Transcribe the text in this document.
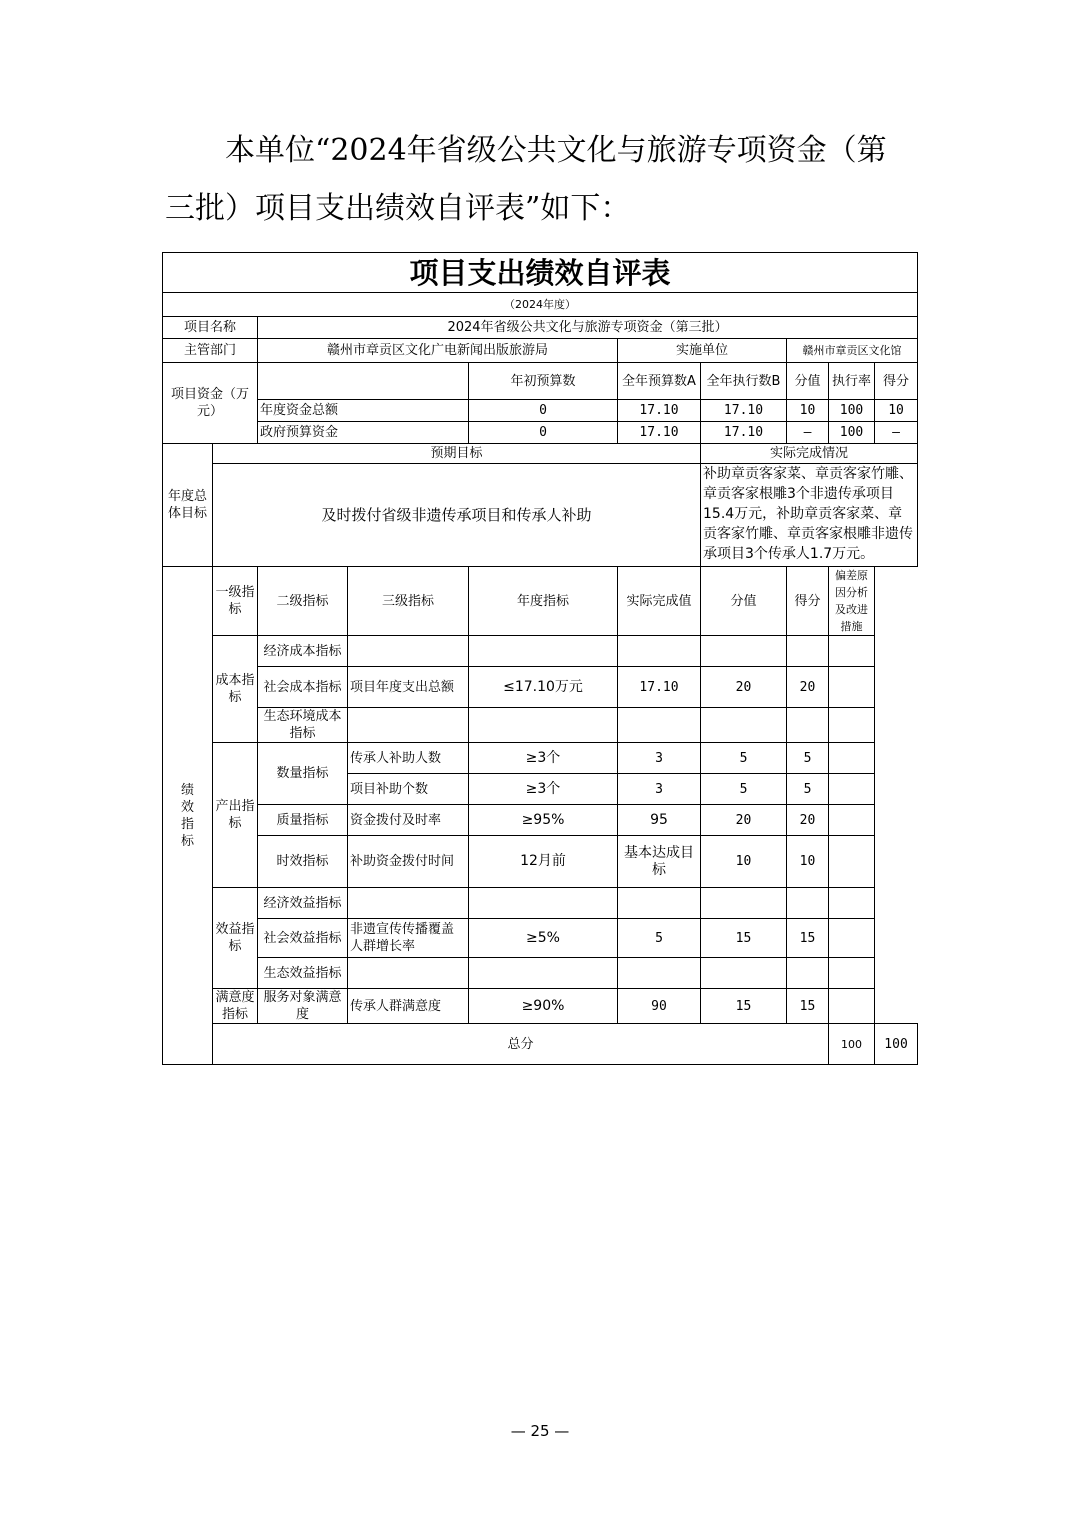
本单位“2024年省级公共文化与旅游专项资金（第三批）项目支出绩效自评表”如下：

项目支出绩效自评表										
（2024年度）										
项目名称		2024年省级公共文化与旅游专项资金（第三批）								
主管部门		赣州市章贡区文化广电新闻出版旅游局			实施单位		赣州市章贡区文化馆			
项目资金（万元）				年初预算数	全年预算数A	全年执行数B	分值	执行率	得分	
		年度资金总额		0	17.10	17.10	10	100	10	
		政府预算资金		0	17.10	17.10	—	100	—	
年度总体目标	预期目标					实际完成情况				
	及时拨付省级非遗传承项目和传承人补助					补助章贡客家菜、章贡客家竹雕、章贡客家根雕3个非遗传承项目15.4万元，补助章贡客家菜、章贡客家竹雕、章贡客家根雕非遗传承项目3个传承人1.7万元。				
绩效指标	一级指标	二级指标	三级指标	年度指标	实际完成值	分值	得分	偏差原因分析及改进措施		
	成本指标	经济成本指标								
		社会成本指标	项目年度支出总额	≤17.10万元	17.10	20	20			
		生态环境成本指标								
	产出指标	数量指标	传承人补助人数	≥3个	3	5	5			
			项目补助个数	≥3个	3	5	5			
		质量指标	资金拨付及时率	≥95%	95	20	20			
		时效指标	补助资金拨付时间	12月前	基本达成目标	10	10			
	效益指标	经济效益指标								
		社会效益指标	非遗宣传传播覆盖人群增长率	≥5%	5	15	15			
		生态效益指标								
	满意度指标	服务对象满意度	传承人群满意度	≥90%	90	15	15			
	总分							100	100	
— 25 —
